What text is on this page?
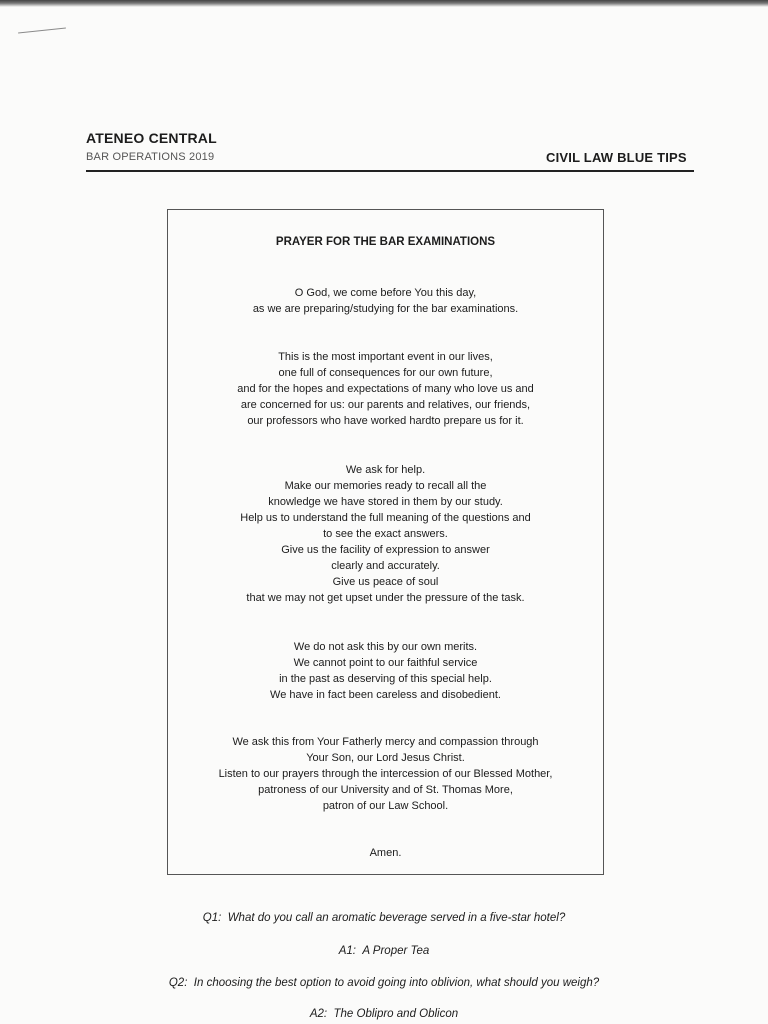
ATENEO CENTRAL
BAR OPERATIONS 2019	CIVIL LAW BLUE TIPS
PRAYER FOR THE BAR EXAMINATIONS
O God, we come before You this day,
as we are preparing/studying for the bar examinations.
This is the most important event in our lives,
one full of consequences for our own future,
and for the hopes and expectations of many who love us and
are concerned for us: our parents and relatives, our friends,
our professors who have worked hardto prepare us for it.
We ask for help.
Make our memories ready to recall all the
knowledge we have stored in them by our study.
Help us to understand the full meaning of the questions and
to see the exact answers.
Give us the facility of expression to answer
clearly and accurately.
Give us peace of soul
that we may not get upset under the pressure of the task.
We do not ask this by our own merits.
We cannot point to our faithful service
in the past as deserving of this special help.
We have in fact been careless and disobedient.
We ask this from Your Fatherly mercy and compassion through
Your Son, our Lord Jesus Christ.
Listen to our prayers through the intercession of our Blessed Mother,
patroness of our University and of St. Thomas More,
patron of our Law School.
Amen.
Q1: What do you call an aromatic beverage served in a five-star hotel?
A1: A Proper Tea
Q2: In choosing the best option to avoid going into oblivion, what should you weigh?
A2: The Oblipro and Oblicon
